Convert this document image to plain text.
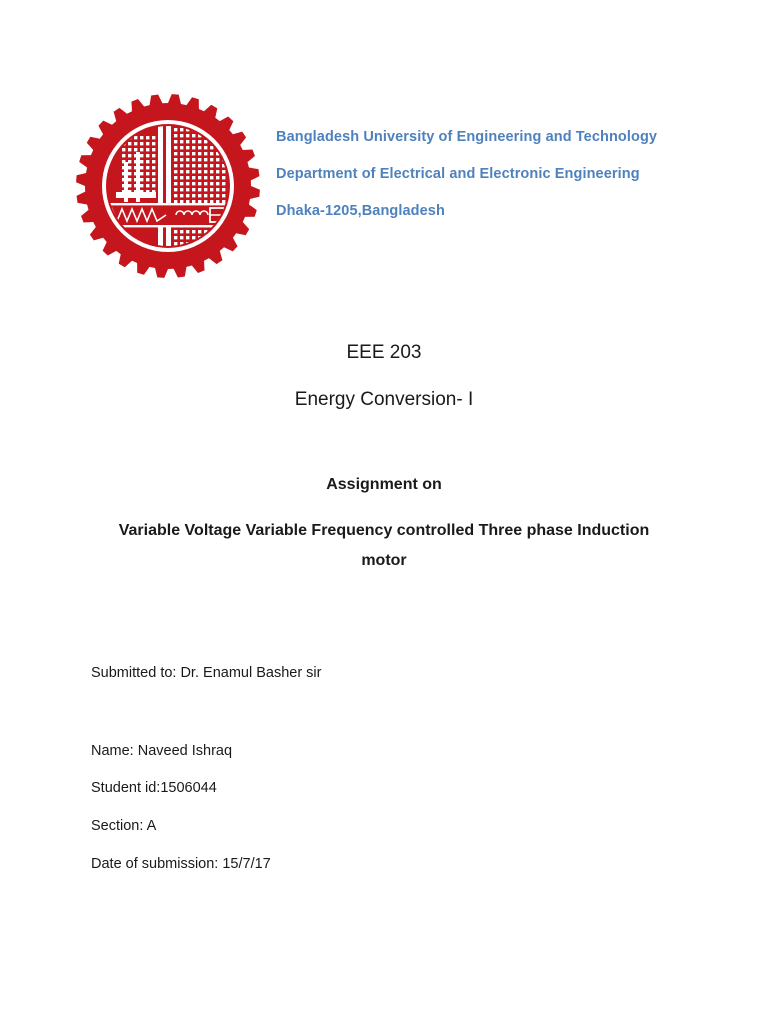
Bangladesh University of Engineering and Technology
Department of Electrical and Electronic Engineering
Dhaka-1205,Bangladesh
EEE 203
Energy Conversion- I
Assignment on
Variable Voltage Variable Frequency controlled Three phase Induction
motor
Submitted to: Dr. Enamul Basher sir
Name: Naveed Ishraq
Student id:1506044
Section: A
Date of submission: 15/7/17
